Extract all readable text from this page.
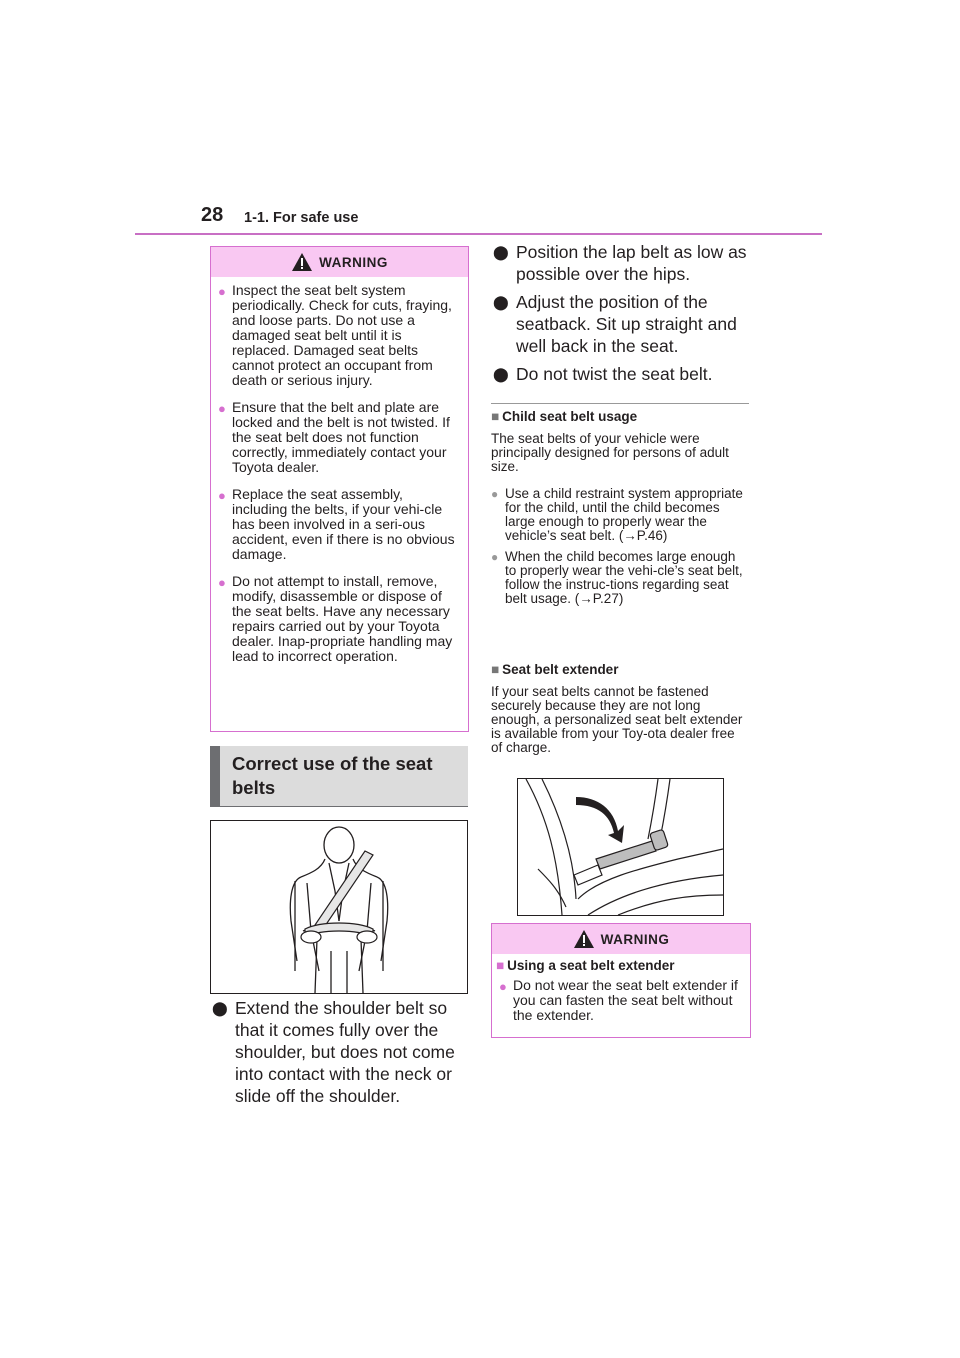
28 1-1. For safe use
WARNING
● Inspect the seat belt system periodically. Check for cuts, fraying, and loose parts. Do not use a damaged seat belt until it is replaced. Damaged seat belts cannot protect an occupant from death or serious injury.
● Ensure that the belt and plate are locked and the belt is not twisted. If the seat belt does not function correctly, immediately contact your Toyota dealer.
● Replace the seat assembly, including the belts, if your vehi-cle has been involved in a seri-ous accident, even if there is no obvious damage.
● Do not attempt to install, remove, modify, disassemble or dispose of the seat belts. Have any necessary repairs carried out by your Toyota dealer. Inap-propriate handling may lead to incorrect operation.
Correct use of the seat belts
⬤ Extend the shoulder belt so that it comes fully over the shoulder, but does not come into contact with the neck or slide off the shoulder.
⬤ Position the lap belt as low as possible over the hips.
⬤ Adjust the position of the seatback. Sit up straight and well back in the seat.
⬤ Do not twist the seat belt.
■ Child seat belt usage
The seat belts of your vehicle were principally designed for persons of adult size.
● Use a child restraint system appropriate for the child, until the child becomes large enough to properly wear the vehicle’s seat belt. (→P.46)
● When the child becomes large enough to properly wear the vehi-cle’s seat belt, follow the instruc-tions regarding seat belt usage. (→P.27)
■ Seat belt extender
If your seat belts cannot be fastened securely because they are not long enough, a personalized seat belt extender is available from your Toy-ota dealer free of charge.
WARNING
■ Using a seat belt extender
● Do not wear the seat belt extender if you can fasten the seat belt without the extender.
